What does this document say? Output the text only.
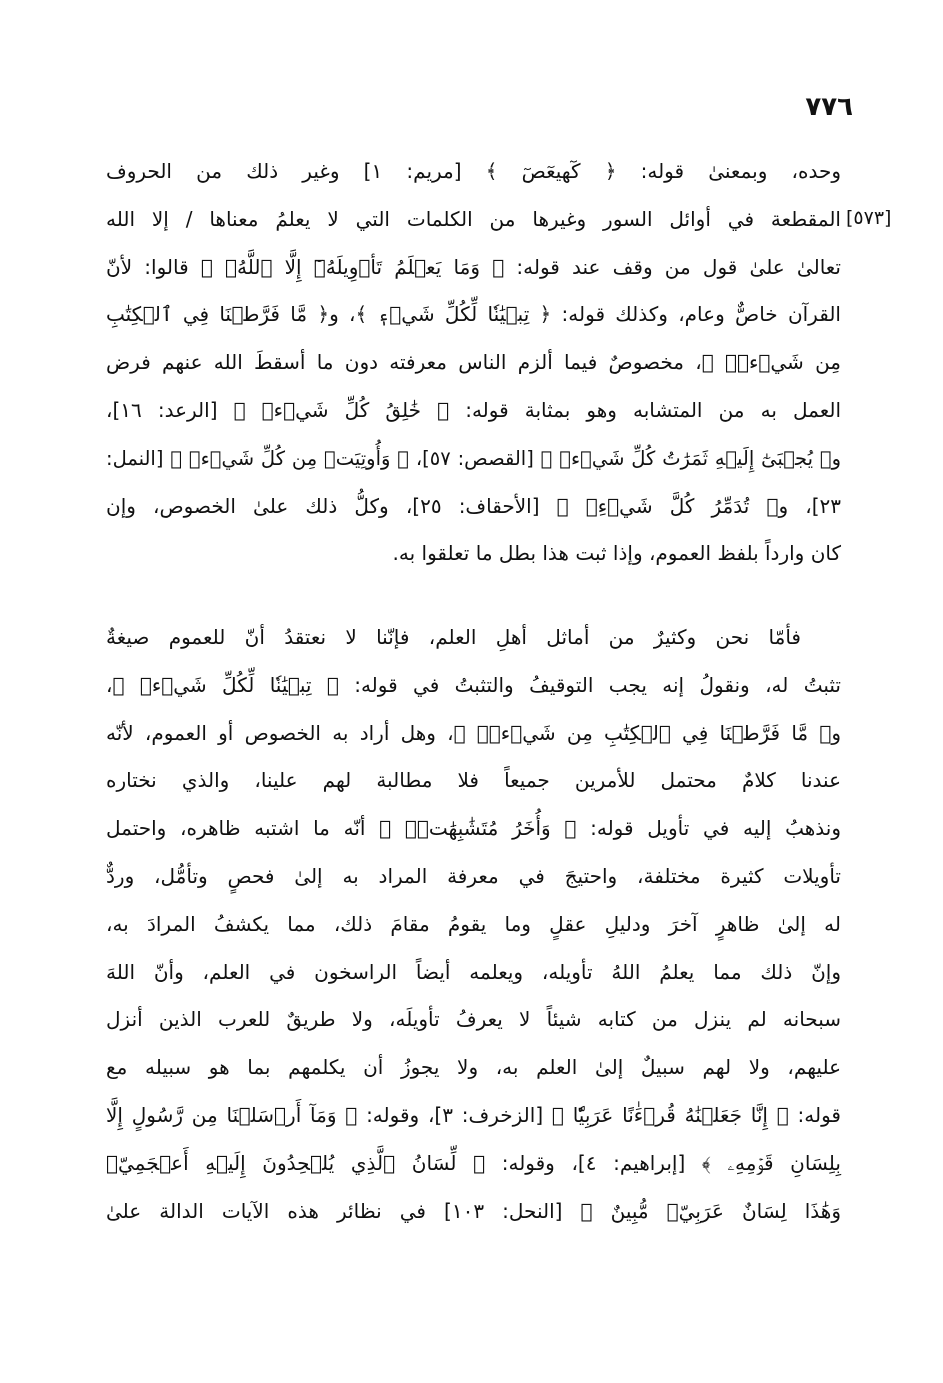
٧٧٦
[٥٧٣]
وحده، وبمعنىٰ قوله: ﴿ كٓهيعٓصٓ ﴾ [مريم: ١] وغير ذلك من الحروف
المقطعة في أوائل السور وغيرها من الكلمات التي لا يعلمُ معناها / إلا الله
تعالىٰ علىٰ قول من وقف عند قوله: ﴿ وَمَا يَعۡلَمُ تَأۡوِيلَهُۥٓ إِلَّا ٱللَّهُۗ ﴾ قالوا: لأنّ
القرآن خاصٌّ وعام، وكذلك قوله: ﴿ تِبۡيَٰنٗا لِّكُلِّ شَيۡءٖ ﴾، و﴿ مَّا فَرَّطۡنَا فِي ٱلۡكِتَٰبِ
مِن شَيۡءٖۚ ﴾، مخصوصٌ فيما ألزم الناس معرفته دون ما أسقطَ الله عنهم فرض
العمل به من المتشابه وهو بمثابة قوله: ﴿ خَٰلِقُ كُلِّ شَيۡءٖ ﴾ [الرعد: ١٦]،
و﴿ يُجۡبَىٰٓ إِلَيۡهِ ثَمَرَٰتُ كُلِّ شَيۡءٖ ﴾ [القصص: ٥٧]، ﴿ وَأُوتِيَتۡ مِن كُلِّ شَيۡءٖ ﴾ [النمل:
٢٣]، و﴿ تُدَمِّرُ كُلَّ شَيۡءِۭ ﴾ [الأحقاف: ٢٥]، وكلُّ ذلك علىٰ الخصوص، وإن
كان وارداً بلفظ العموم، وإذا ثبت هذا بطل ما تعلقوا به.
فأمّا نحن وكثيرٌ من أماثل أهلِ العلم، فإنّنا لا نعتقدُ أنّ للعموم صيغةٌ
تثبتُ له، ونقولُ إنه يجب التوقيفُ والتثبتُ في قوله: ﴿ تِبۡيَٰنٗا لِّكُلِّ شَيۡءٖ ﴾،
و﴿ مَّا فَرَّطۡنَا فِي ٱلۡكِتَٰبِ مِن شَيۡءٖۚ ﴾، وهل أراد به الخصوص أو العموم، لأنّه
عندنا كلامٌ محتمل للأمرين جميعاً فلا مطالبة لهم علينا، والذي نختاره
ونذهبُ إليه في تأويل قوله: ﴿ وَأُخَرُ مُتَشَٰبِهَٰتٞۖ ﴾ أنّه ما اشتبه ظاهره، واحتمل
تأويلات كثيرة مختلفة، واحتيجَ في معرفة المراد به إلىٰ فحصٍ وتأمُّل، وردٌّ
له إلىٰ ظاهرٍ آخرَ ودليلِ عقلٍ وما يقومُ مقامَ ذلك، مما يكشفُ المرادَ به،
وإنّ ذلك مما يعلمُ اللهُ تأويله، ويعلمه أيضاً الراسخون في العلم، وأنّ اللهَ
سبحانه لم ينزل من كتابه شيئاً لا يعرفُ تأويلَه، ولا طريقٌ للعرب الذين أنزل
عليهم، ولا لهم سبيلٌ إلىٰ العلم به، ولا يجوزُ أن يكلمهم بما هو سبيله مع
قوله: ﴿ إِنَّا جَعَلۡنَٰهُ قُرۡءَٰنًا عَرَبِيّٗا ﴾ [الزخرف: ٣]، وقوله: ﴿ وَمَآ أَرۡسَلۡنَا مِن رَّسُولٍ إِلَّا
بِلِسَانِ قَوۡمِهِۦ ﴾ [إبراهيم: ٤]، وقوله: ﴿ لِّسَانُ ٱلَّذِي يُلۡحِدُونَ إِلَيۡهِ أَعۡجَمِيّٞ
وَهَٰذَا لِسَانٌ عَرَبِيّٞ مُّبِينٌ ﴾ [النحل: ١٠٣] في نظائر هذه الآيات الدالة علىٰ
